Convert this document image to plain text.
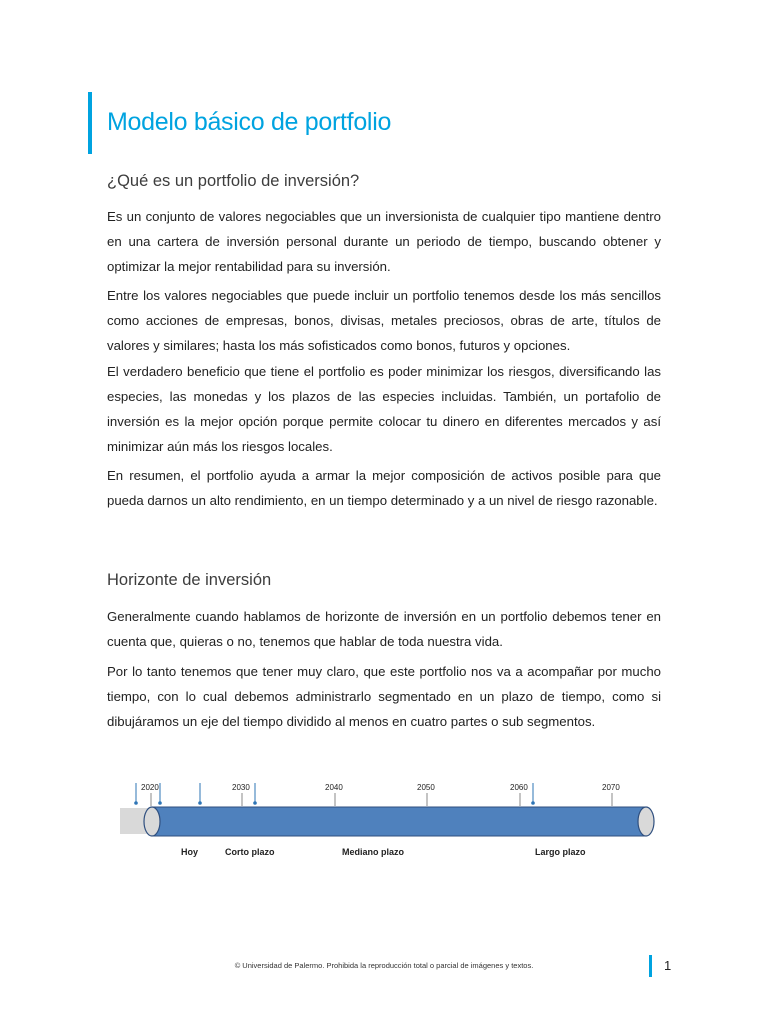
Modelo básico de portfolio
¿Qué es un portfolio de inversión?

Es un conjunto de valores negociables que un inversionista de cualquier tipo mantiene dentro en una cartera de inversión personal durante un periodo de tiempo, buscando obtener y optimizar la mejor rentabilidad para su inversión.

Entre los valores negociables que puede incluir un portfolio tenemos desde los más sencillos como acciones de empresas, bonos, divisas, metales preciosos, obras de arte, títulos de valores y similares; hasta los más sofisticados como bonos, futuros y opciones.

El verdadero beneficio que tiene el portfolio es poder minimizar los riesgos, diversificando las especies, las monedas y los plazos de las especies incluidas. También, un portafolio de inversión es la mejor opción porque permite colocar tu dinero en diferentes mercados y así minimizar aún más los riesgos locales.

En resumen, el portfolio ayuda a armar la mejor composición de activos posible para que pueda darnos un alto rendimiento, en un tiempo determinado y a un nivel de riesgo razonable.

Horizonte de inversión

Generalmente cuando hablamos de horizonte de inversión en un portfolio debemos tener en cuenta que, quieras o no, tenemos que hablar de toda nuestra vida.

Por lo tanto tenemos que tener muy claro, que este portfolio nos va a acompañar por mucho tiempo, con lo cual debemos administrarlo segmentado en un plazo de tiempo, como si dibujáramos un eje del tiempo dividido al menos en cuatro partes o sub segmentos.

2020	2030	2040	2050	2060	2070
Hoy	Corto plazo	Mediano plazo	Largo plazo
© Universidad de Palermo. Prohibida la reproducción total o parcial de imágenes y textos.	1
